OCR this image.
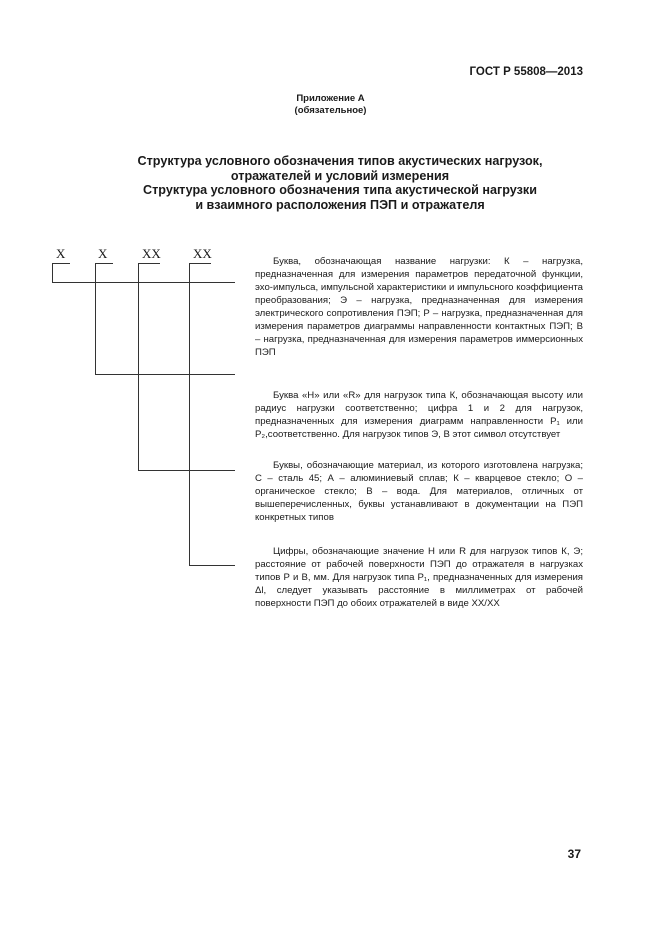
ГОСТ Р 55808—2013
Приложение А
(обязательное)
Структура условного обозначения типов акустических нагрузок,
отражателей и условий измерения
Структура условного обозначения типа акустической нагрузки
и взаимного расположения ПЭП и отражателя
X	X	XX XX

Буква, обозначающая название нагрузки: К – нагрузка, предназначенная для измерения параметров передаточной функции, эхо-импульса, импульсной характеристики и импульсного коэффициента преобразования; Э – нагрузка, предназначенная для измерения электрического сопротивления ПЭП; Р – нагрузка, предназначенная для измерения параметров диаграммы направленности контактных ПЭП; В – нагрузка, предназначенная для измерения параметров иммерсионных ПЭП

Буква «Н» или «R» для нагрузок типа К, обозначающая высоту или радиус нагрузки соответственно; цифра 1 и 2 для нагрузок, предназначенных для измерения диаграмм направленности Р₁ или Р₂,соответственно. Для нагрузок типов Э, В этот символ отсутствует

Буквы, обозначающие материал, из которого изготовлена нагрузка; С – сталь 45; А – алюминиевый сплав; К – кварцевое стекло; О – органическое стекло; В – вода. Для материалов, отличных от вышеперечисленных, буквы устанавливают в документации на ПЭП конкретных типов

Цифры, обозначающие значение Н или R для нагрузок типов К, Э; расстояние от рабочей поверхности ПЭП до отражателя в нагрузках типов Р и В, мм. Для нагрузок типа Р₁, предназначенных для измерения Δl, следует указывать расстояние в миллиметрах от рабочей поверхности ПЭП до обоих отражателей в виде XX/XX

37
